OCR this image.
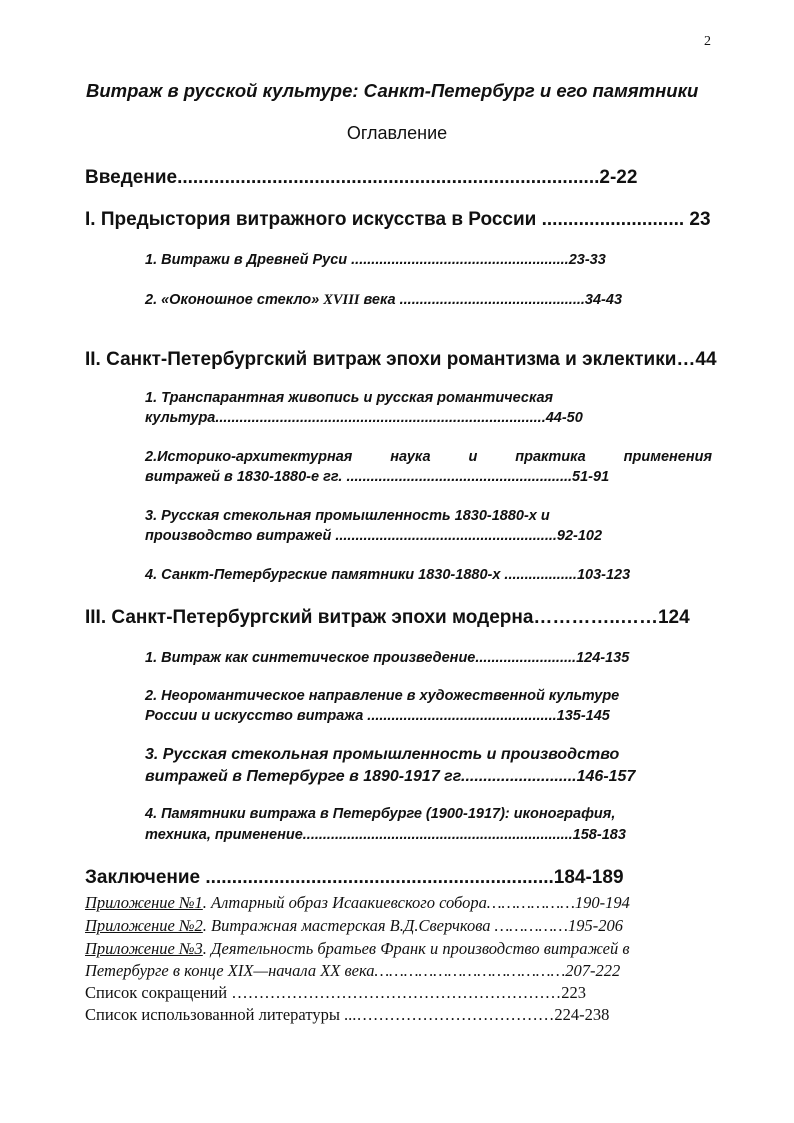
2
Витраж в русской культуре: Санкт-Петербург и его памятники
Оглавление
Введение................................................................................2-22
I. Предыстория витражного искусства в России ........................... 23
1. Витражи в Древней Руси ......................................................23-33
2. «Оконошное стекло» XVIII века ..............................................34-43
II. Санкт-Петербургский витраж эпохи романтизма и эклектики…44
1. Транспарантная живопись и русская романтическая
культура..................................................................................44-50
2.Историко-архитектурная наука и практика применения
витражей в 1830-1880-е гг. ........................................................51-91
3. Русская стекольная промышленность 1830-1880-х и
производство витражей .......................................................92-102
4. Санкт-Петербургские памятники 1830-1880-х ..................103-123
III. Санкт-Петербургский витраж эпохи модерна…………..……124
1. Витраж как синтетическое произведение.........................124-135
2. Неоромантическое направление в художественной культуре
России и искусство витража ...............................................135-145
3. Русская стекольная промышленность и производство
витражей в Петербурге в 1890-1917 гг..........................146-157
4. Памятники витража в Петербурге (1900-1917): иконография,
техника, применение...................................................................158-183
Заключение ..................................................................184-189
Приложение №1. Алтарный образ Исаакиевского собора………………190-194
Приложение №2. Витражная мастерская В.Д.Сверчкова ……………195-206
Приложение №3. Деятельность братьев Франк и производство витражей в
Петербурге в конце XIX—начала XX века…………………………………207-222
Список сокращений ……………………………………………………223
Список использованной литературы ...………………………………224-238
